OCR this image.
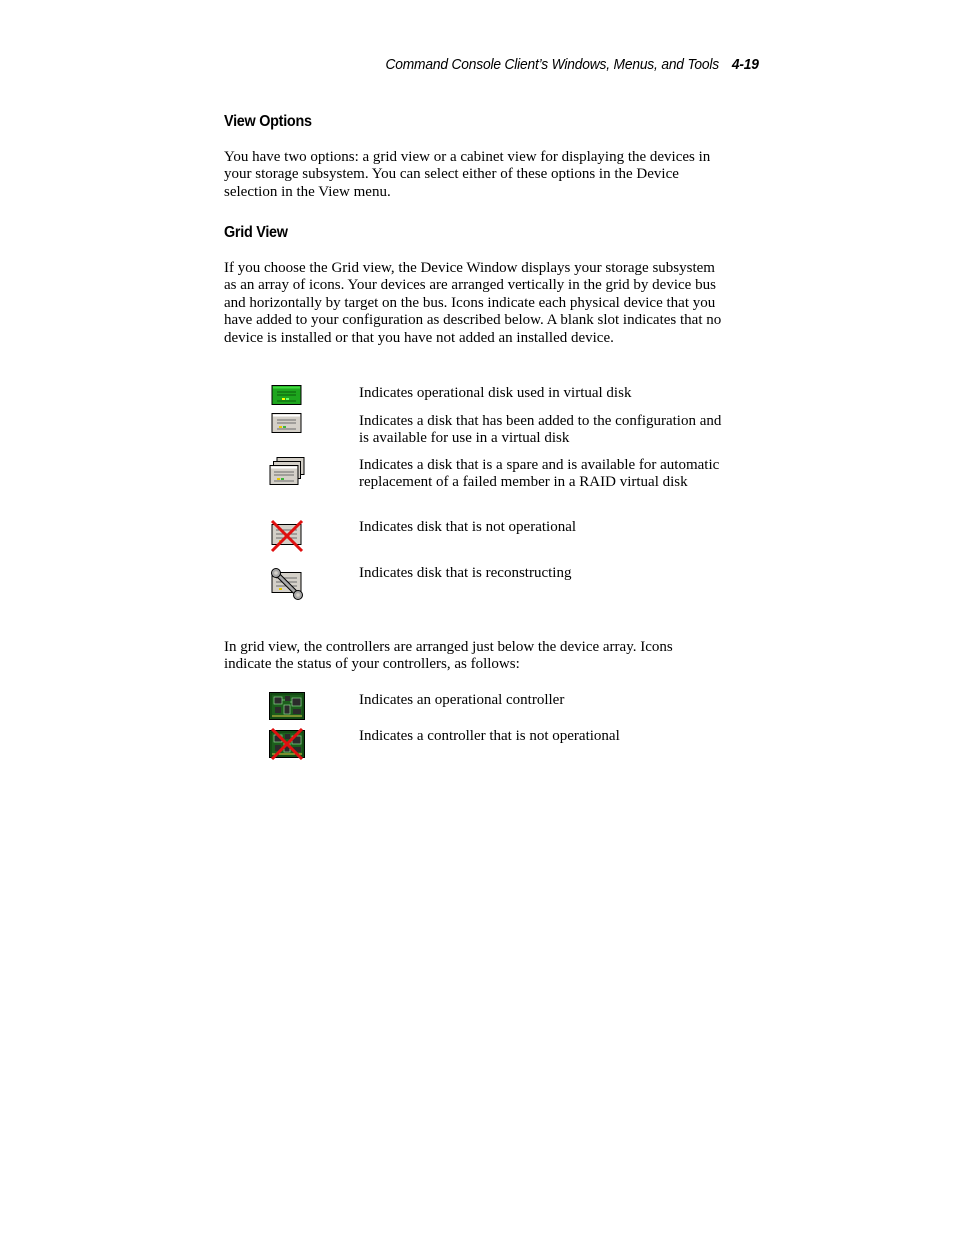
Command Console Client’s Windows, Menus, and Tools 4-19
View Options
You have two options: a grid view or a cabinet view for displaying the devices in your storage subsystem. You can select either of these options in the Device selection in the View menu.
Grid View
If you choose the Grid view, the Device Window displays your storage subsystem as an array of icons. Your devices are arranged vertically in the grid by device bus and horizontally by target on the bus. Icons indicate each physical device that you have added to your configuration as described below. A blank slot indicates that no device is installed or that you have not added an installed device.
Indicates operational disk used in virtual disk
Indicates a disk that has been added to the configuration and is available for use in a virtual disk
Indicates a disk that is a spare and is available for automatic replacement of a failed member in a RAID virtual disk
Indicates disk that is not operational
Indicates disk that is reconstructing
In grid view, the controllers are arranged just below the device array. Icons indicate the status of your controllers, as follows:
Indicates an operational controller
Indicates a controller that is not operational
